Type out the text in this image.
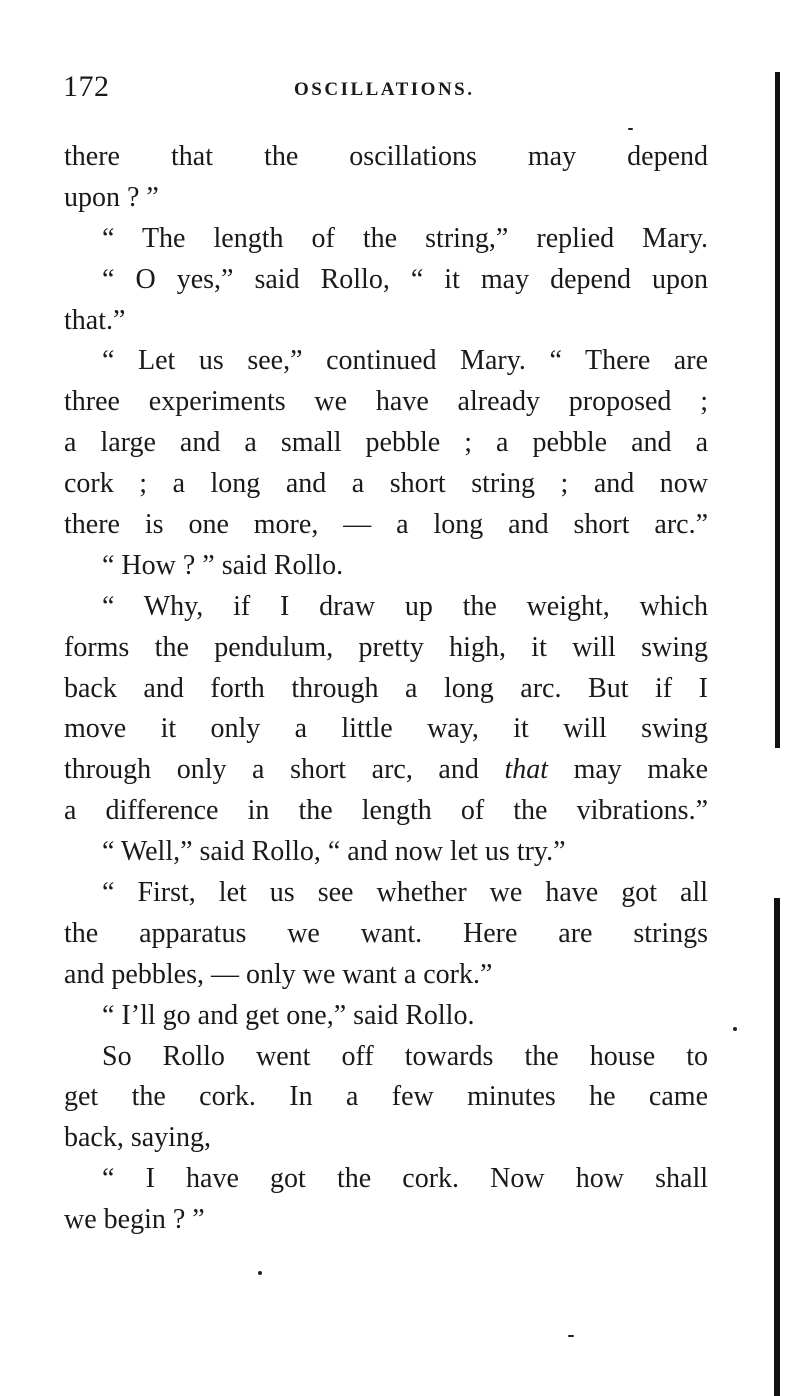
172	OSCILLATIONS.
there that the oscillations may depend
upon ? ”
“ The length of the string,” replied Mary.
“ O yes,” said Rollo, “ it may depend upon
that.”
“ Let us see,” continued Mary. “ There are
three experiments we have already proposed ;
a large and a small pebble ; a pebble and a
cork ; a long and a short string ; and now
there is one more, — a long and short arc.”
“ How ? ” said Rollo.
“ Why, if I draw up the weight, which
forms the pendulum, pretty high, it will swing
back and forth through a long arc. But if I
move it only a little way, it will swing
through only a short arc, and that may make
a difference in the length of the vibrations.”
“ Well,” said Rollo, “ and now let us try.”
“ First, let us see whether we have got all
the apparatus we want. Here are strings
and pebbles, — only we want a cork.”
“ I’ll go and get one,” said Rollo.
So Rollo went off towards the house to
get the cork. In a few minutes he came
back, saying,
“ I have got the cork. Now how shall
we begin ? ”
